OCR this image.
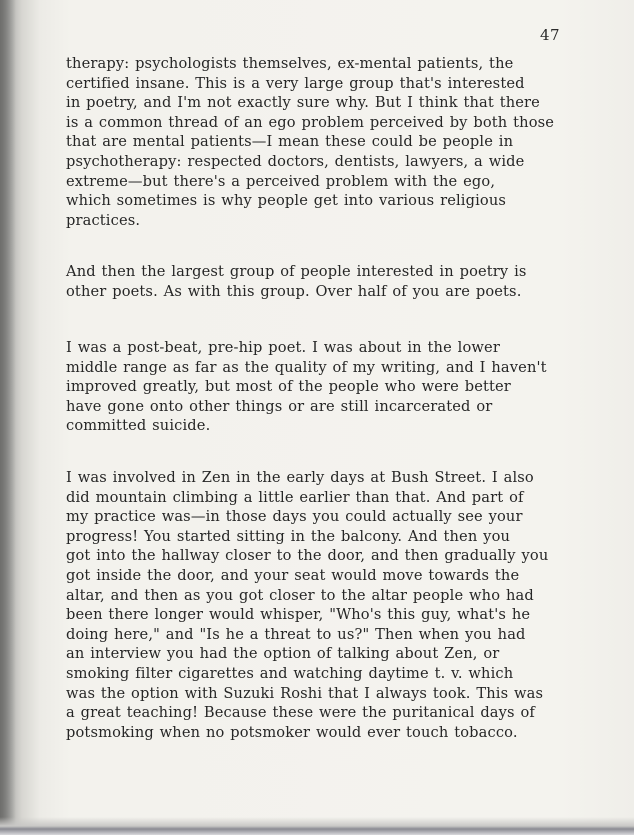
47
therapy: psychologists themselves, ex-mental patients, the
certified insane. This is a very large group that's interested
in poetry, and I'm not exactly sure why. But I think that there
is a common thread of an ego problem perceived by both those
that are mental patients—I mean these could be people in
psychotherapy: respected doctors, dentists, lawyers, a wide
extreme—but there's a perceived problem with the ego,
which sometimes is why people get into various religious
practices.
And then the largest group of people interested in poetry is
other poets. As with this group. Over half of you are poets.
I was a post-beat, pre-hip poet. I was about in the lower
middle range as far as the quality of my writing, and I haven't
improved greatly, but most of the people who were better
have gone onto other things or are still incarcerated or
committed suicide.
I was involved in Zen in the early days at Bush Street. I also
did mountain climbing a little earlier than that. And part of
my practice was—in those days you could actually see your
progress! You started sitting in the balcony. And then you
got into the hallway closer to the door, and then gradually you
got inside the door, and your seat would move towards the
altar, and then as you got closer to the altar people who had
been there longer would whisper, "Who's this guy, what's he
doing here," and "Is he a threat to us?" Then when you had
an interview you had the option of talking about Zen, or
smoking filter cigarettes and watching daytime t. v. which
was the option with Suzuki Roshi that I always took. This was
a great teaching! Because these were the puritanical days of
potsmoking when no potsmoker would ever touch tobacco.
